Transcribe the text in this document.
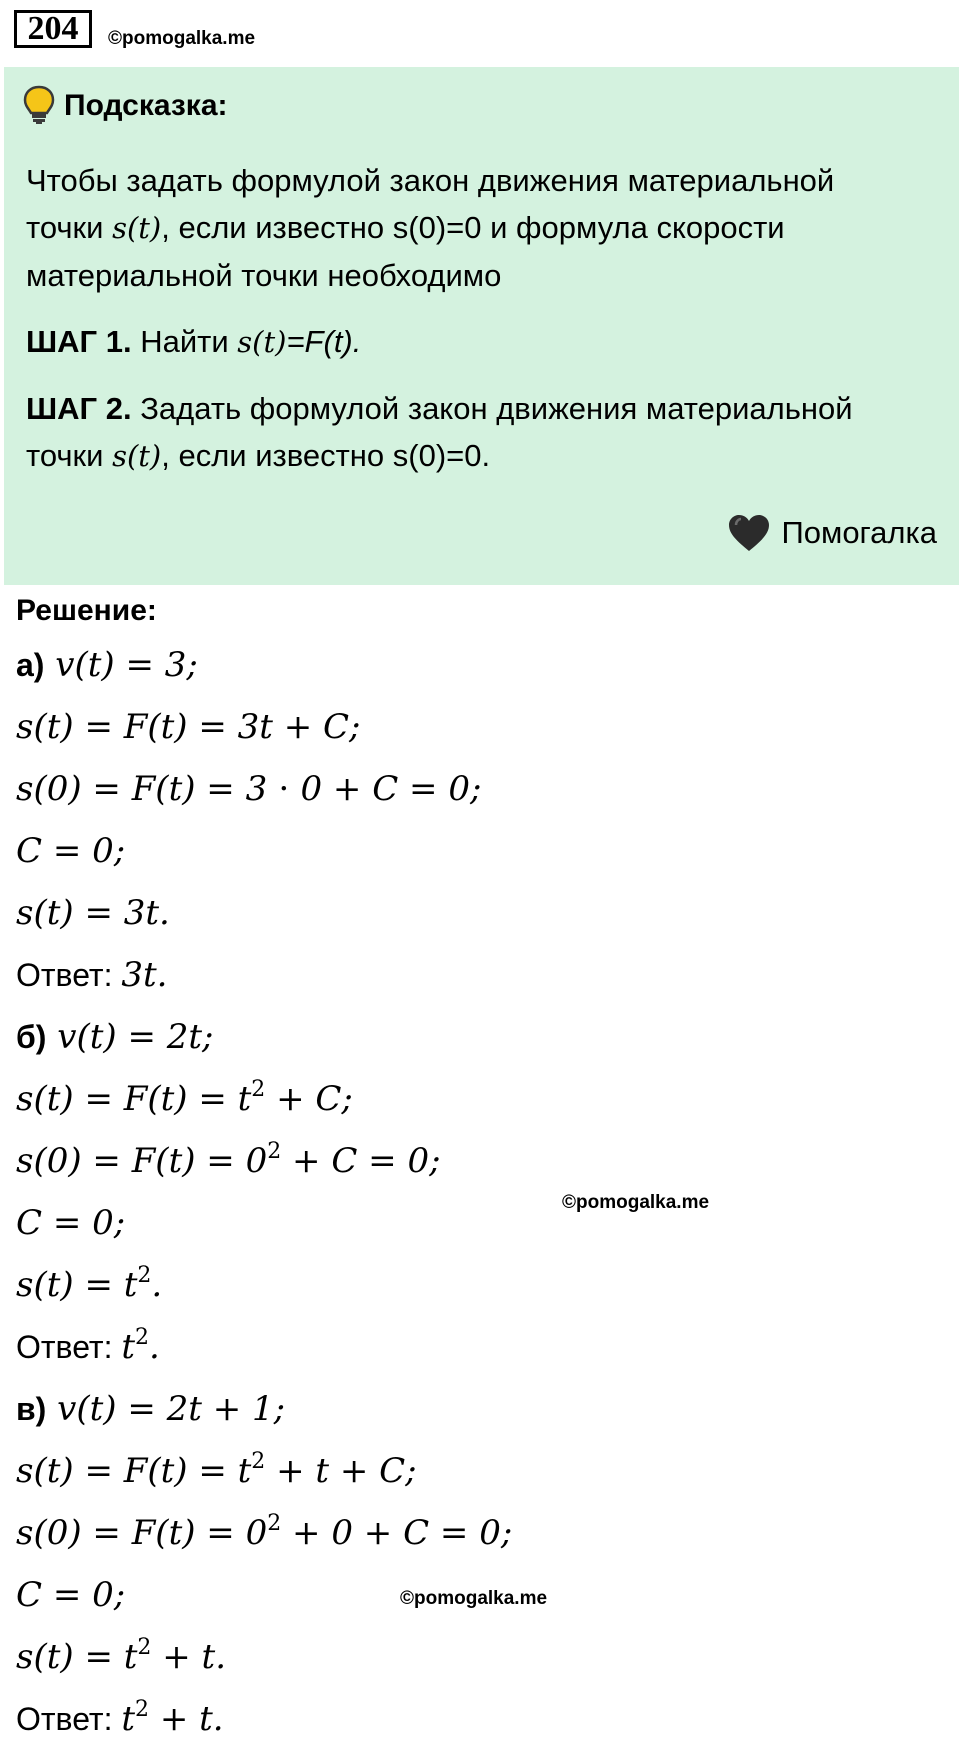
204	©pomogalka.me
Подсказка:

Чтобы задать формулой закон движения материальной

точки s(t), если известно s(0)=0 и формула скорости

материальной точки необходимо

ШАГ 1. Найти s(t)=F(t).

ШАГ 2. Задать формулой закон движения материальной

точки s(t), если известно s(0)=0.

Помогалка
Решение:
а) v(t) = 3;
s(t) = F(t) = 3t + C;
s(0) = F(t) = 3 ⋅ 0 + C = 0;
C = 0;
s(t) = 3t.
Ответ: 3t.
б) v(t) = 2t;
$s(t) = F(t) = t^2 + C$;
$s(0) = F(t) = 0^2 + C = 0$;
C = 0;
$s(t) = t^2$.
Ответ: $t^2$.
в) v(t) = 2t + 1;
$s(t) = F(t) = t^2 + t + C$;
$s(0) = F(t) = 0^2 + 0 + C = 0$;
C = 0;
$s(t) = t^2 + t$.
Ответ: $t^2 + t$.
©pomogalka.me
©pomogalka.me
